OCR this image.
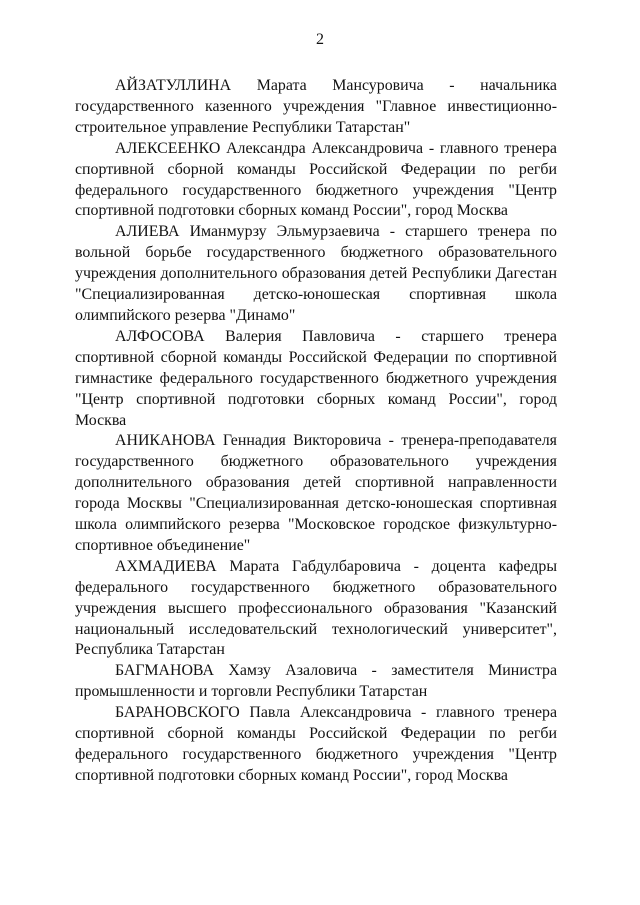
2

АЙЗАТУЛЛИНА Марата Мансуровича - начальника государственного казенного учреждения "Главное инвестиционно-строительное управление Республики Татарстан"

АЛЕКСЕЕНКО Александра Александровича - главного тренера спортивной сборной команды Российской Федерации по регби федерального государственного бюджетного учреждения "Центр спортивной подготовки сборных команд России", город Москва

АЛИЕВА Иманмурзу Эльмурзаевича - старшего тренера по вольной борьбе государственного бюджетного образовательного учреждения дополнительного образования детей Республики Дагестан "Специализированная детско-юношеская спортивная школа олимпийского резерва "Динамо"

АЛФОСОВА Валерия Павловича - старшего тренера спортивной сборной команды Российской Федерации по спортивной гимнастике федерального государственного бюджетного учреждения "Центр спортивной подготовки сборных команд России", город Москва

АНИКАНОВА Геннадия Викторовича - тренера-преподавателя государственного бюджетного образовательного учреждения дополнительного образования детей спортивной направленности города Москвы "Специализированная детско-юношеская спортивная школа олимпийского резерва "Московское городское физкультурно-спортивное объединение"

АХМАДИЕВА Марата Габдулбаровича - доцента кафедры федерального государственного бюджетного образовательного учреждения высшего профессионального образования "Казанский национальный исследовательский технологический университет", Республика Татарстан

БАГМАНОВА Хамзу Азаловича - заместителя Министра промышленности и торговли Республики Татарстан

БАРАНОВСКОГО Павла Александровича - главного тренера спортивной сборной команды Российской Федерации по регби федерального государственного бюджетного учреждения "Центр спортивной подготовки сборных команд России", город Москва
